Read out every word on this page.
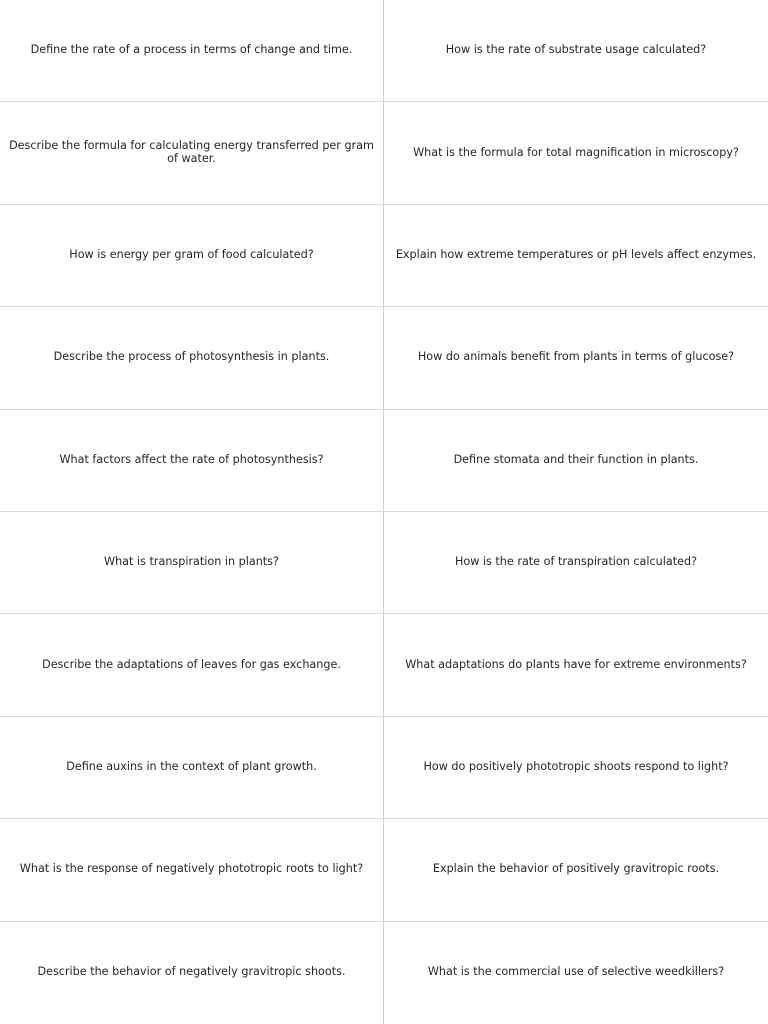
Define the rate of a process in terms of change and time.	How is the rate of substrate usage calculated?
Describe the formula for calculating energy transferred per gram of water.	What is the formula for total magnification in microscopy?
How is energy per gram of food calculated?	Explain how extreme temperatures or pH levels affect enzymes.
Describe the process of photosynthesis in plants.	How do animals benefit from plants in terms of glucose?
What factors affect the rate of photosynthesis?	Define stomata and their function in plants.
What is transpiration in plants?	How is the rate of transpiration calculated?
Describe the adaptations of leaves for gas exchange.	What adaptations do plants have for extreme environments?
Define auxins in the context of plant growth.	How do positively phototropic shoots respond to light?
What is the response of negatively phototropic roots to light?	Explain the behavior of positively gravitropic roots.
Describe the behavior of negatively gravitropic shoots.	What is the commercial use of selective weedkillers?
